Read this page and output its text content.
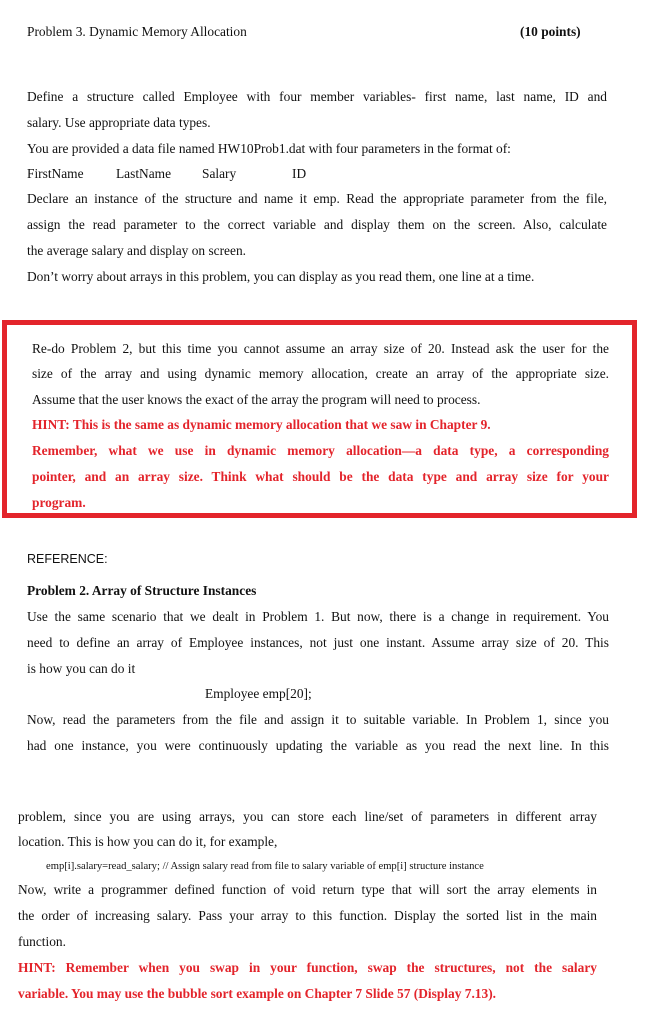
Problem 3. Dynamic Memory Allocation	(10 points)
Define a structure called Employee with four member variables- first name, last name, ID and
salary. Use appropriate data types.
You are provided a data file named HW10Prob1.dat with four parameters in the format of:
FirstName LastName Salary	ID
Declare an instance of the structure and name it emp. Read the appropriate parameter from the file,
assign the read parameter to the correct variable and display them on the screen. Also, calculate
the average salary and display on screen.
Don’t worry about arrays in this problem, you can display as you read them, one line at a time.
Re-do Problem 2, but this time you cannot assume an array size of 20. Instead ask the user for the
size of the array and using dynamic memory allocation, create an array of the appropriate size.
Assume that the user knows the exact of the array the program will need to process.
HINT: This is the same as dynamic memory allocation that we saw in Chapter 9.
Remember, what we use in dynamic memory allocation—a data type, a corresponding
pointer, and an array size. Think what should be the data type and array size for your
program.
REFERENCE:
Problem 2. Array of Structure Instances
Use the same scenario that we dealt in Problem 1. But now, there is a change in requirement. You
need to define an array of Employee instances, not just one instant. Assume array size of 20. This
is how you can do it
Employee emp[20];
Now, read the parameters from the file and assign it to suitable variable. In Problem 1, since you
had one instance, you were continuously updating the variable as you read the next line. In this
problem, since you are using arrays, you can store each line/set of parameters in different array
location. This is how you can do it, for example,
emp[i].salary=read_salary; // Assign salary read from file to salary variable of emp[i] structure instance
Now, write a programmer defined function of void return type that will sort the array elements in
the order of increasing salary. Pass your array to this function. Display the sorted list in the main
function.
HINT: Remember when you swap in your function, swap the structures, not the salary
variable. You may use the bubble sort example on Chapter 7 Slide 57 (Display 7.13).
